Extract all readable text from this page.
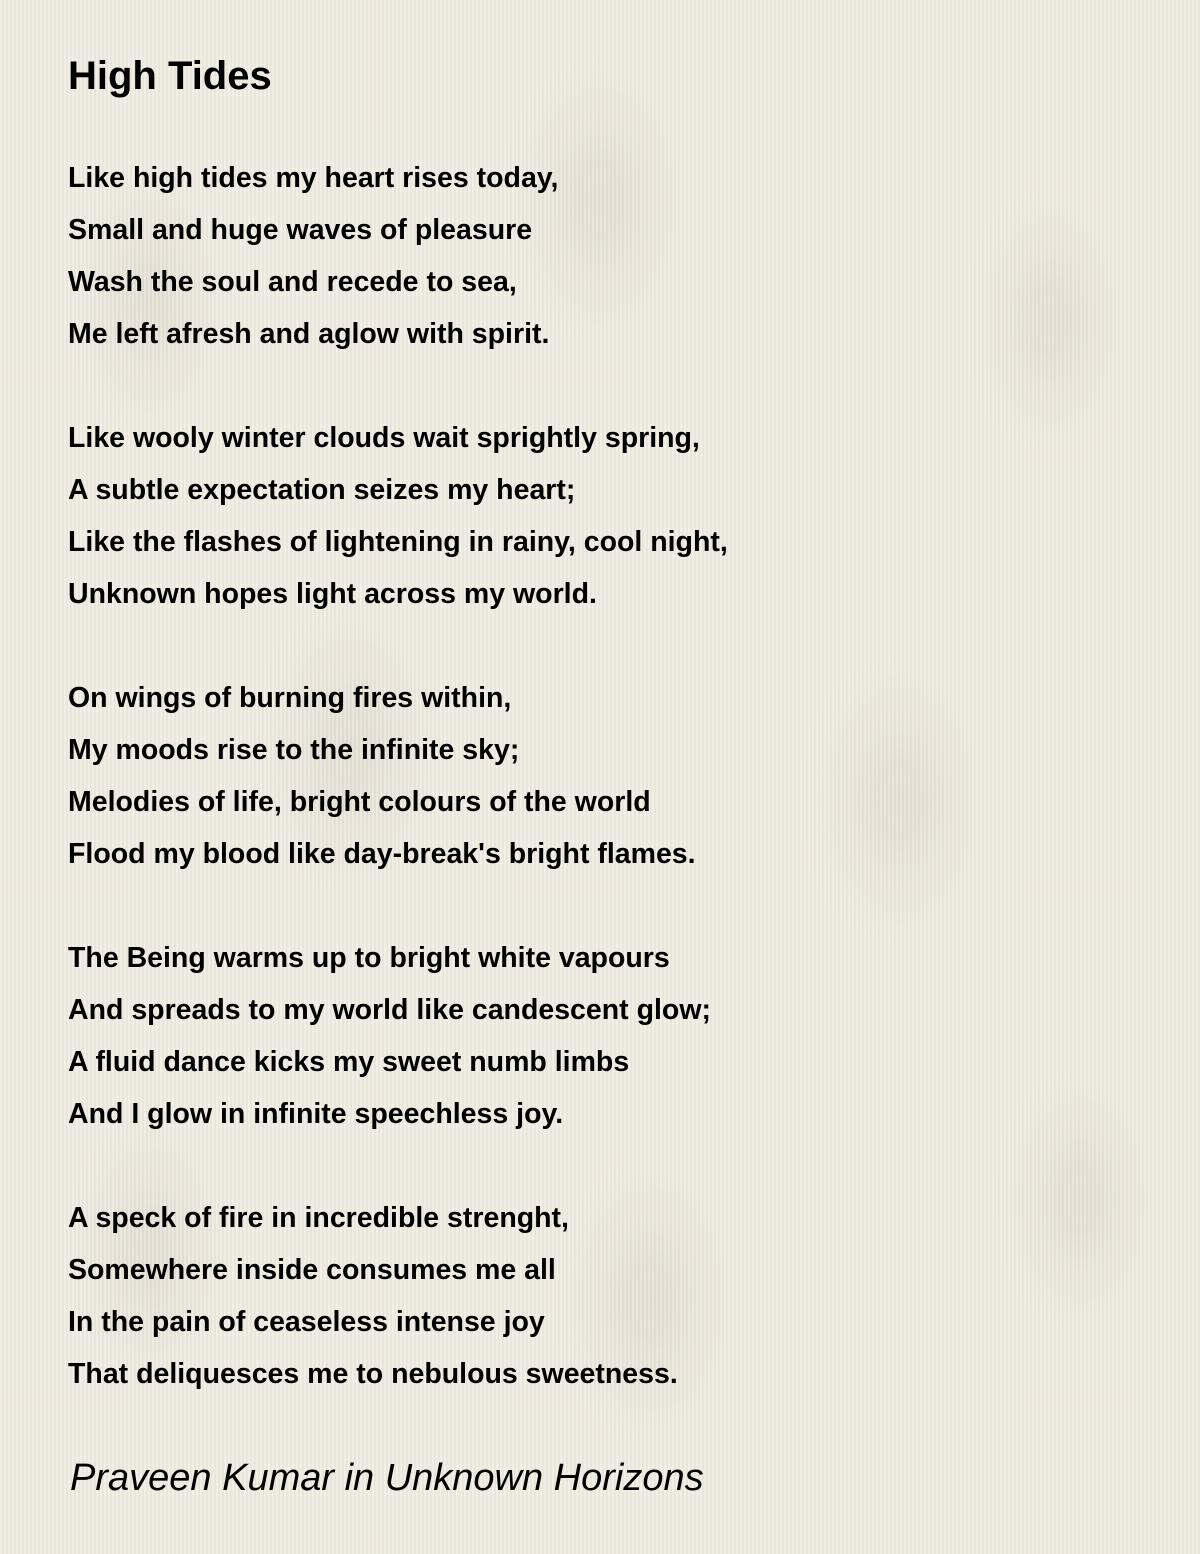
High Tides
Like high tides my heart rises today,
Small and huge waves of pleasure
Wash the soul and recede to sea,
Me left afresh and aglow with spirit.
Like wooly winter clouds wait sprightly spring,
A subtle expectation seizes my heart;
Like the flashes of lightening in rainy, cool night,
Unknown hopes light across my world.
On wings of burning fires within,
My moods rise to the infinite sky;
Melodies of life, bright colours of the world
Flood my blood like day-break's bright flames.
The Being warms up to bright white vapours
And spreads to my world like candescent glow;
A fluid dance kicks my sweet numb limbs
And I glow in infinite speechless joy.
A speck of fire in incredible strenght,
Somewhere inside consumes me all
In the pain of ceaseless intense joy
That deliquesces me to nebulous sweetness.

Praveen Kumar in Unknown Horizons
